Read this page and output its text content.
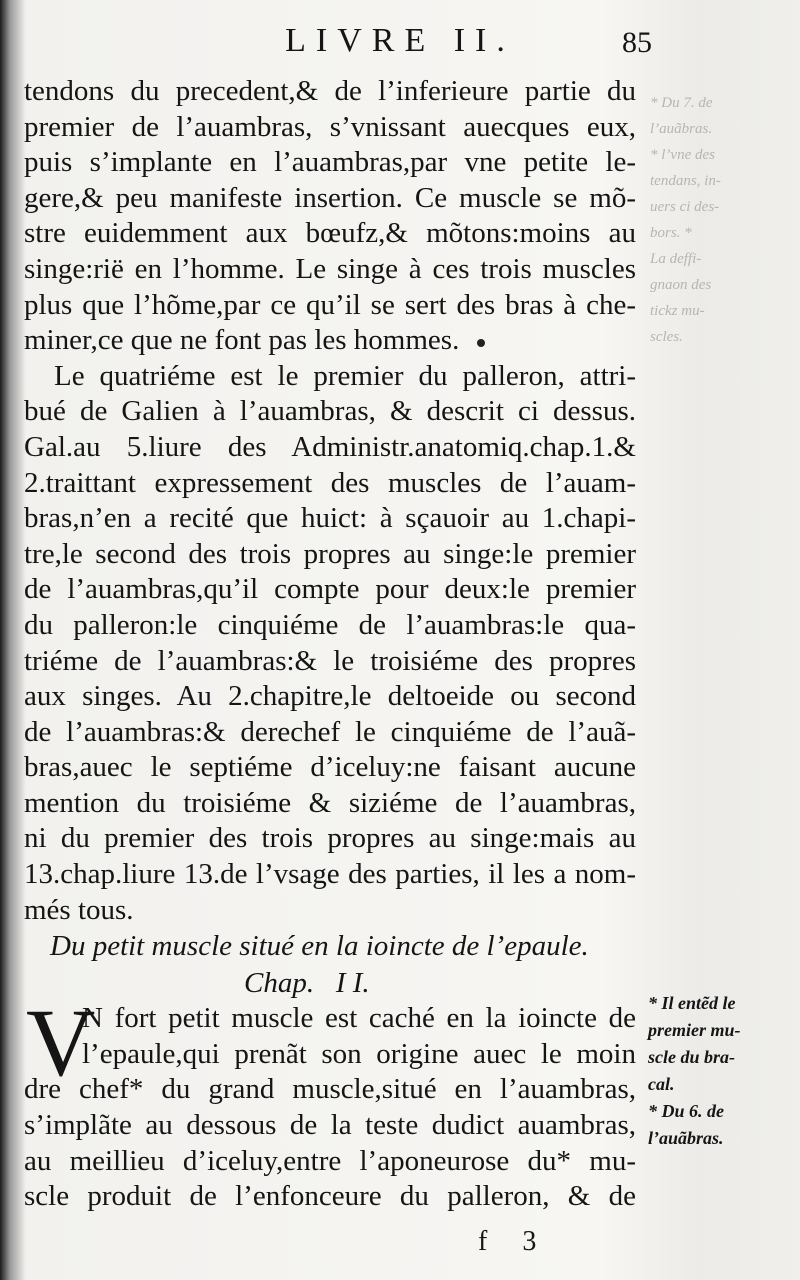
LIVRE II.	85
* Du 7. de
l’auãbras.
* l’vne des
tendans, in-
uers ci des-
bors. *
La deffi-
gnaon des
tickz mu-
scles.
tendons du precedent,& de l’inferieure partie du
premier de l’auambras, s’vnissant auecques eux,
puis s’implante en l’auambras,par vne petite le-
gere,& peu manifeste insertion. Ce muscle se mõ-
stre euidemment aux bœufz,& mõtons:moins au
singe:rië en l’homme. Le singe à ces trois muscles
plus que l’hõme,par ce qu’il se sert des bras à che-
miner,ce que ne font pas les hommes.
Le quatriéme est le premier du palleron, attri-
bué de Galien à l’auambras, & descrit ci dessus.
Gal.au 5.liure des Administr.anatomiq.chap.1.&
2.traittant expressement des muscles de l’auam-
bras,n’en a recité que huict: à sçauoir au 1.chapi-
tre,le second des trois propres au singe:le premier
de l’auambras,qu’il compte pour deux:le premier
du palleron:le cinquiéme de l’auambras:le qua-
triéme de l’auambras:& le troisiéme des propres
aux singes. Au 2.chapitre,le deltoeide ou second
de l’auambras:& derechef le cinquiéme de l’auã-
bras,auec le septiéme d’iceluy:ne faisant aucune
mention du troisiéme & siziéme de l’auambras,
ni du premier des trois propres au singe:mais au
13.chap.liure 13.de l’vsage des parties, il les a nom-
més tous.
Du petit muscle situé en la ioincte de l’epaule.
Chap.   I I.
V
N fort petit muscle est caché en la ioincte de
l’epaule,qui prenãt son origine auec le moin
dre chef* du grand muscle,situé en l’auambras,
s’implãte au dessous de la teste dudict auambras,
au meillieu d’iceluy,entre l’aponeurose du* mu-
scle produit de l’enfonceure du palleron, & de
* Il entẽd le
premier mu-
scle du bra-
cal.
* Du 6. de
l’auãbras.
f 3
